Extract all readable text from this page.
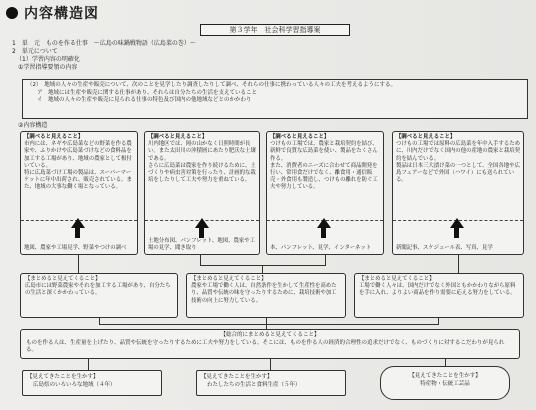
内容構造図
第３学年　社会科学習指導案
1　単　元　ものを作る仕事　〜広島の味鍋戦物語（広島菜の巻）〜
2　単元について
（1）学習内容の明確化
①学習指導要領の内容
（2）　地域の人々の生産や販売について、次のことを見学したり調査したりして調べ、それらの仕事に携わっている人々の工夫を考えるようにする。
ア　地域には生産や販売に関する仕事があり、それらは自分たちの生活を支えていること
イ　地域の人々の生産や販売に見られる仕事の特色及び国内の他地域などとのかかわり
②内容構造
【調べると見えること】
市内には、ネギや広島菜などの野菜を作る農家や、ふりかけや広島菜づけなどの食料品を加工する工場があり、地域の農家として根付いている。
特に広島菜づけ工場の製品は、スーパーマーケットに年中出荷され、販売されている。また、地域の大事な働く場となっている。
地図、農家や工場見学、野菜やつけの調べ
【調べると見えること】
川内地区では、岡の山かなく日照時間が長い。また太田川の沖積層にあたり肥沃な土壌である。
さらに広島菜は農家を作り続けるために、土づくりや病虫害対策を行ったり、計画的な栽培をしたりして工夫や努力を重ねている。
土地分布図、パンフレット、地図、農家や工場の見学、聞き取り
【調べると見えること】
つけもの工場では、農家と栽培契約を結び、新鮮で良質な広島菜を使い、製品をたくさん作る。
また、消費者のニーズに合わせて商品開発を行い、常用食だけでなく、離食用・通信販売・外食用も製造し、つけもの離れを防ぐ工夫や努力している。
本、パンフレット、見学、インターネット
【調べると見えること】
つけもの工場では原料の広島菜を年中入手するために、川内だけでなく国内の他の産地の農家と栽培契約を結んでいる。
製品は日本三大漬け菜の一つとして、全国各地や広島フェアーなどで外国（ハワイ）にも送られている。
新聞記事、スケジュール表、写真、見学
【まとめると見えてくること】
広島市には野菜農家やそれを加工する工場があり、自分たちの生活と深くかかわっている。
【まとめると見えてくること】
農家や工場で働く人は、自然条件を生かして生産性を高めたり、品質や伝統の味を守ったりするために、栽培技術や加工技術の向上に努力している。
【まとめると見えてくること】
工場で働く人々は、国内だけでなく外国ともかかわりながら原料を手に入れ、よりよい商品を作り需要に応える努力をしている。
【総合的にまとめると見えてくること】
ものを作る人は、生産量を上げたり、品質や伝統を守ったりするために工夫や努力をしている。そこには、ものを作る人の経済的合理性の追求だけでなく、ものづくりに対するこだわりが見られる。
【見えてきたことを生かす】
広島県のいろいろな地域（４年）
【見えてきたことを生かす】
わたしたちの生活と食料生産（５年）
【見えてきたことを生かす】
特産物・伝統工芸品
